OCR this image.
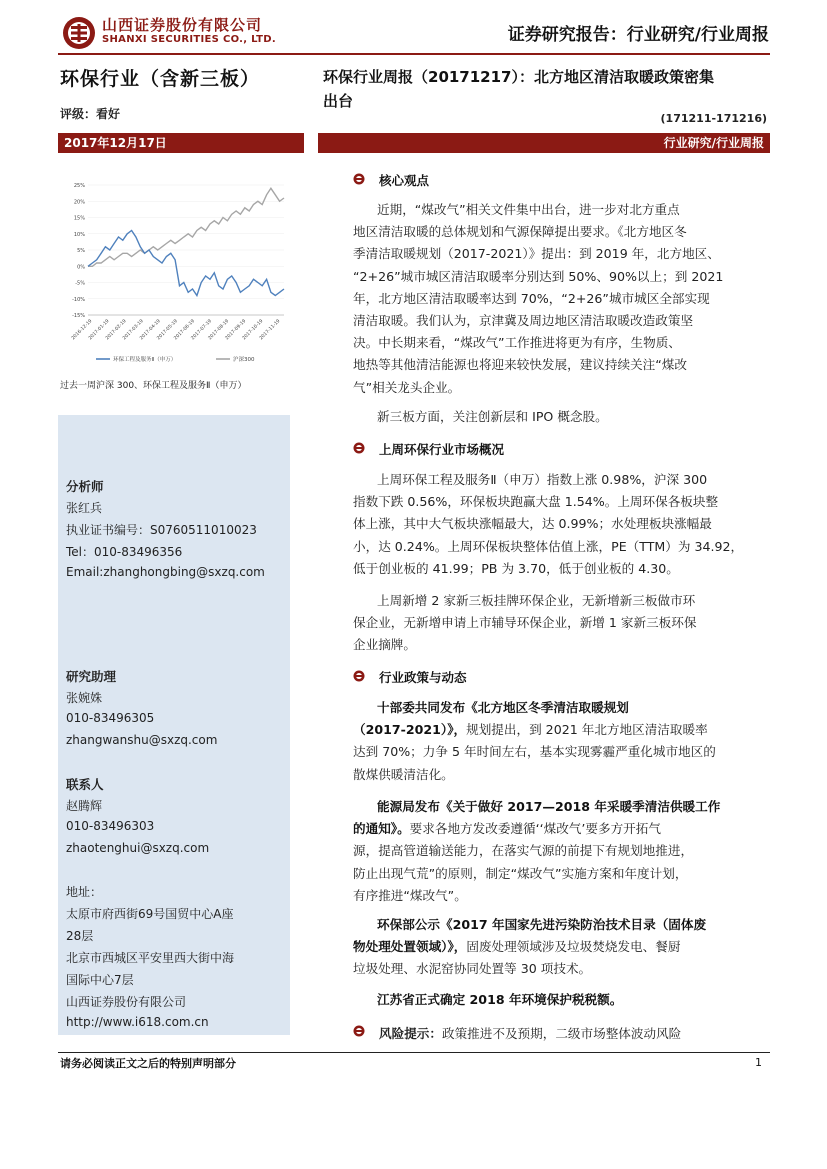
山西证券股份有限公司
SHANXI SECURITIES CO., LTD.	证券研究报告：行业研究/行业周报
环保行业（含新三板）
评级：看好
环保行业周报（20171217）：北方地区清洁取暖政策密集
出台
(171211-171216)
2017年12月17日	行业研究/行业周报
25%
20%
15%
10%
5%
0%
-5%
-10%
-15%
2016-12-19
2017-01-19
2017-02-19
2017-03-19
2017-04-19
2017-05-19
2017-06-19
2017-07-19
2017-08-19
2017-09-19
2017-10-19
2017-11-19
环保工程及服务Ⅱ（申万）	沪深300
过去一周沪深 300、环保工程及服务Ⅱ（申万）
分析师
张红兵
执业证书编号：S0760511010023
Tel：010-83496356
Email:zhanghongbing@sxzq.com
研究助理
张婉姝
010-83496305
zhangwanshu@sxzq.com
联系人
赵腾辉
010-83496303
zhaotenghui@sxzq.com
地址：
太原市府西街69号国贸中心A座
28层
北京市西城区平安里西大街中海
国际中心7层
山西证券股份有限公司
http://www.i618.com.cn
核心观点
近期，“煤改气”相关文件集中出台，进一步对北方重点
地区清洁取暖的总体规划和气源保障提出要求。《北方地区冬
季清洁取暖规划（2017-2021）》提出：到 2019 年，北方地区、
“2+26”城市城区清洁取暖率分别达到 50%、90%以上；到 2021
年，北方地区清洁取暖率达到 70%，“2+26”城市城区全部实现
清洁取暖。我们认为，京津冀及周边地区清洁取暖改造政策坚
决。中长期来看，“煤改气”工作推进将更为有序，生物质、
地热等其他清洁能源也将迎来较快发展，建议持续关注“煤改
气”相关龙头企业。
新三板方面，关注创新层和 IPO 概念股。
上周环保行业市场概况
上周环保工程及服务Ⅱ（申万）指数上涨 0.98%，沪深 300
指数下跌 0.56%，环保板块跑赢大盘 1.54%。上周环保各板块整
体上涨，其中大气板块涨幅最大，达 0.99%；水处理板块涨幅最
小，达 0.24%。上周环保板块整体估值上涨，PE（TTM）为 34.92，
低于创业板的 41.99；PB 为 3.70，低于创业板的 4.30。
上周新增 2 家新三板挂牌环保企业，无新增新三板做市环
保企业，无新增申请上市辅导环保企业，新增 1 家新三板环保
企业摘牌。
行业政策与动态
十部委共同发布《北方地区冬季清洁取暖规划
（2017-2021）》，规划提出，到 2021 年北方地区清洁取暖率
达到 70%；力争 5 年时间左右，基本实现雾霾严重化城市地区的
散煤供暖清洁化。
能源局发布《关于做好 2017—2018 年采暖季清洁供暖工作
的通知》。要求各地方发改委遵循‘‘煤改气’要多方开拓气
源，提高管道输送能力，在落实气源的前提下有规划地推进，
防止出现气荒”的原则，制定“煤改气”实施方案和年度计划，
有序推进“煤改气”。
环保部公示《2017 年国家先进污染防治技术目录（固体废
物处理处置领域）》，固废处理领域涉及垃圾焚烧发电、餐厨
垃圾处理、水泥窑协同处置等 30 项技术。
江苏省正式确定 2018 年环境保护税税额。
风险提示：政策推进不及预期，二级市场整体波动风险
请务必阅读正文之后的特别声明部分	1
